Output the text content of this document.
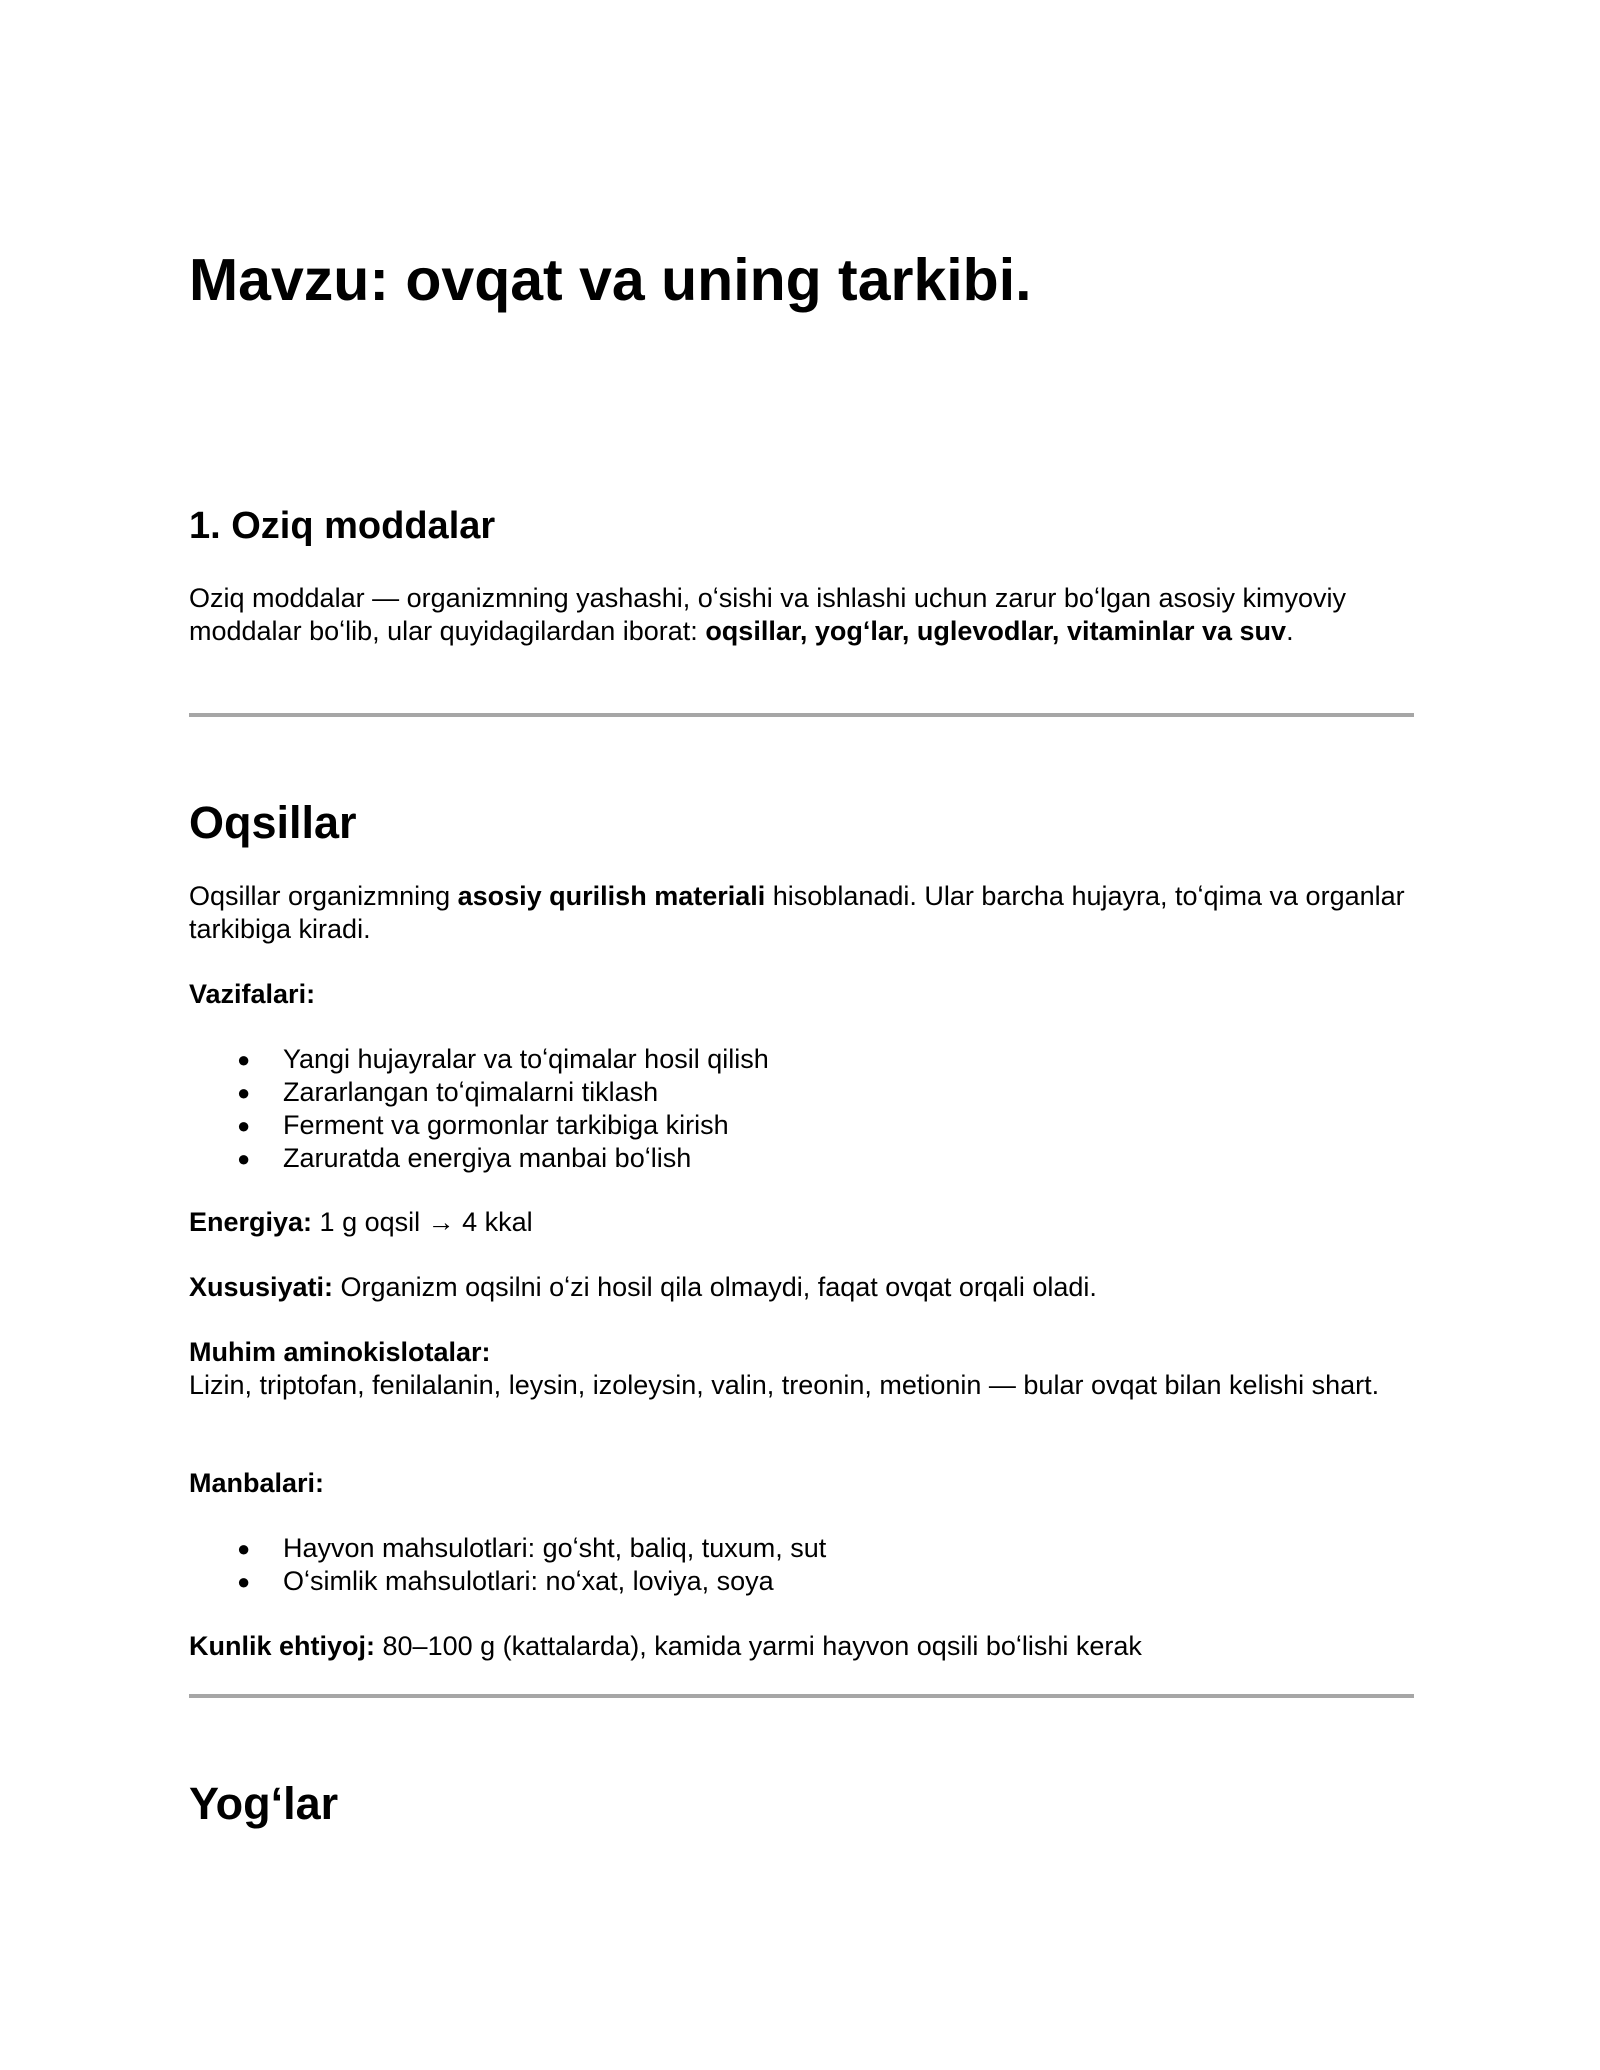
Mavzu: ovqat va uning tarkibi.
1. Oziq moddalar

Oziq moddalar — organizmning yashashi, oʻsishi va ishlashi uchun zarur boʻlgan asosiy kimyoviy moddalar boʻlib, ular quyidagilardan iborat: oqsillar, yogʻlar, uglevodlar, vitaminlar va suv.

Oqsillar

Oqsillar organizmning asosiy qurilish materiali hisoblanadi. Ular barcha hujayra, toʻqima va organlar tarkibiga kiradi.

Vazifalari:

● Yangi hujayralar va toʻqimalar hosil qilish
● Zararlangan toʻqimalarni tiklash
● Ferment va gormonlar tarkibiga kirish
● Zaruratda energiya manbai boʻlish

Energiya: 1 g oqsil → 4 kkal

Xususiyati: Organizm oqsilni oʻzi hosil qila olmaydi, faqat ovqat orqali oladi.

Muhim aminokislotalar:
Lizin, triptofan, fenilalanin, leysin, izoleysin, valin, treonin, metionin — bular ovqat bilan kelishi shart.

Manbalari:

● Hayvon mahsulotlari: goʻsht, baliq, tuxum, sut
● Oʻsimlik mahsulotlari: noʻxat, loviya, soya

Kunlik ehtiyoj: 80–100 g (kattalarda), kamida yarmi hayvon oqsili boʻlishi kerak

Yogʻlar
